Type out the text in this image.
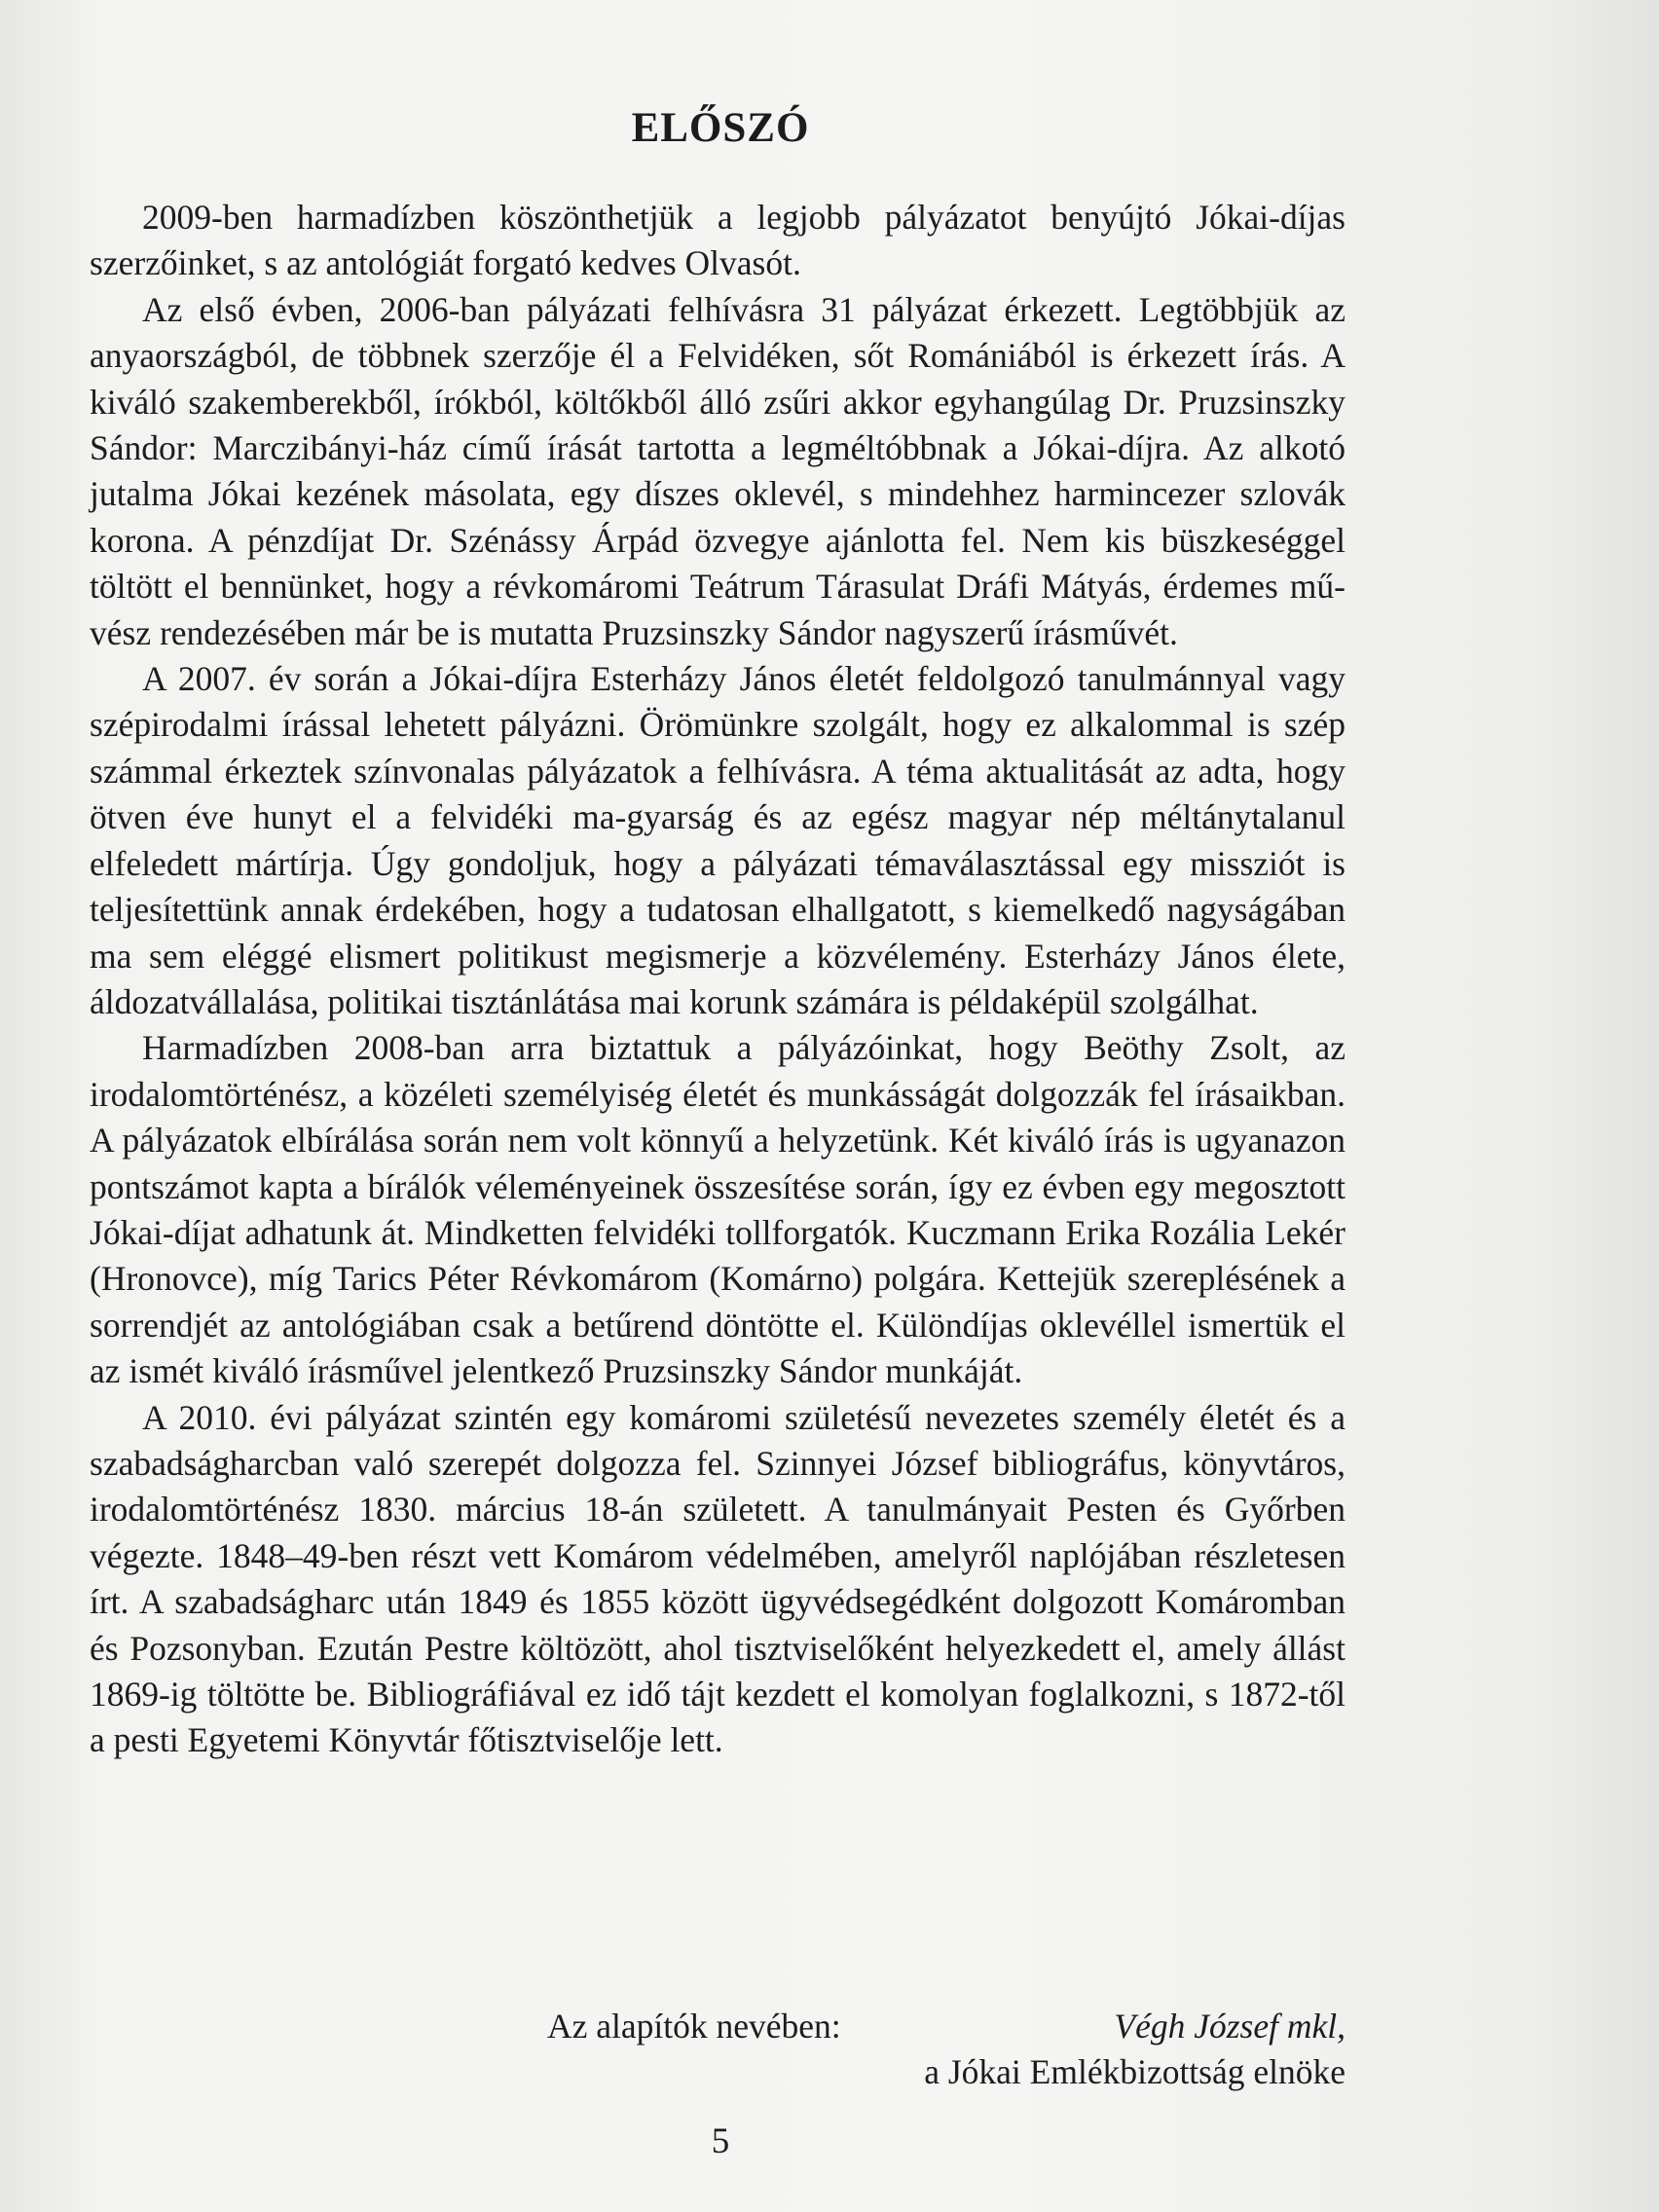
ELŐSZÓ

2009-ben harmadízben köszönthetjük a legjobb pályázatot benyújtó Jókai-díjas szerzőinket, s az antológiát forgató kedves Olvasót.

Az első évben, 2006-ban pályázati felhívásra 31 pályázat érkezett. Legtöbbjük az anyaországból, de többnek szerzője él a Felvidéken, sőt Romániából is érkezett írás. A kiváló szakemberekből, írókból, költőkből álló zsűri akkor egyhangúlag Dr. Pruzsinszky Sándor: Marczibányi-ház című írását tartotta a legméltóbbnak a Jókai-díjra. Az alkotó jutalma Jókai kezének másolata, egy díszes oklevél, s mindehhez harmincezer szlovák korona. A pénzdíjat Dr. Szénássy Árpád özvegye ajánlotta fel. Nem kis büszkeséggel töltött el bennünket, hogy a révkomáromi Teátrum Tárasulat Dráfi Mátyás, érdemes művész rendezésében már be is mutatta Pruzsinszky Sándor nagyszerű írásművét.

A 2007. év során a Jókai-díjra Esterházy János életét feldolgozó tanulmánnyal vagy szépirodalmi írással lehetett pályázni. Örömünkre szolgált, hogy ez alkalommal is szép számmal érkeztek színvonalas pályázatok a felhívásra. A téma aktualitását az adta, hogy ötven éve hunyt el a felvidéki ma-gyarság és az egész magyar nép méltánytalanul elfeledett mártírja. Úgy gondoljuk, hogy a pályázati témaválasztással egy missziót is teljesítettünk annak érdekében, hogy a tudatosan elhallgatott, s kiemelkedő nagyságában ma sem eléggé elismert politikust megismerje a közvélemény. Esterházy János élete, áldozatvállalása, politikai tisztánlátása mai korunk számára is példaképül szolgálhat.

Harmadízben 2008-ban arra biztattuk a pályázóinkat, hogy Beöthy Zsolt, az irodalomtörténész, a közéleti személyiség életét és munkásságát dolgozzák fel írásaikban. A pályázatok elbírálása során nem volt könnyű a helyzetünk. Két kiváló írás is ugyanazon pontszámot kapta a bírálók véleményeinek összesítése során, így ez évben egy megosztott Jókai-díjat adhatunk át. Mindketten felvidéki tollforgatók. Kuczmann Erika Rozália Lekér (Hronovce), míg Tarics Péter Révkomárom (Komárno) polgára. Kettejük szereplésének a sorrendjét az antológiában csak a betűrend döntötte el. Különdíjas oklevéllel ismertük el az ismét kiváló írásművel jelentkező Pruzsinszky Sándor munkáját.

A 2010. évi pályázat szintén egy komáromi születésű nevezetes személy életét és a szabadságharcban való szerepét dolgozza fel. Szinnyei József bibliográfus, könyvtáros, irodalomtörténész 1830. március 18-án született. A tanulmányait Pesten és Győrben végezte. 1848–49-ben részt vett Komárom védelmében, amelyről naplójában részletesen írt. A szabadságharc után 1849 és 1855 között ügyvédsegédként dolgozott Komáromban és Pozsonyban. Ezután Pestre költözött, ahol tisztviselőként helyezkedett el, amely állást 1869-ig töltötte be. Bibliográfiával ez idő tájt kezdett el komolyan foglalkozni, s 1872-től a pesti Egyetemi Könyvtár főtisztviselője lett.

Az alapítók nevében:	Végh József mkl,
a Jókai Emlékbizottság elnöke
5
